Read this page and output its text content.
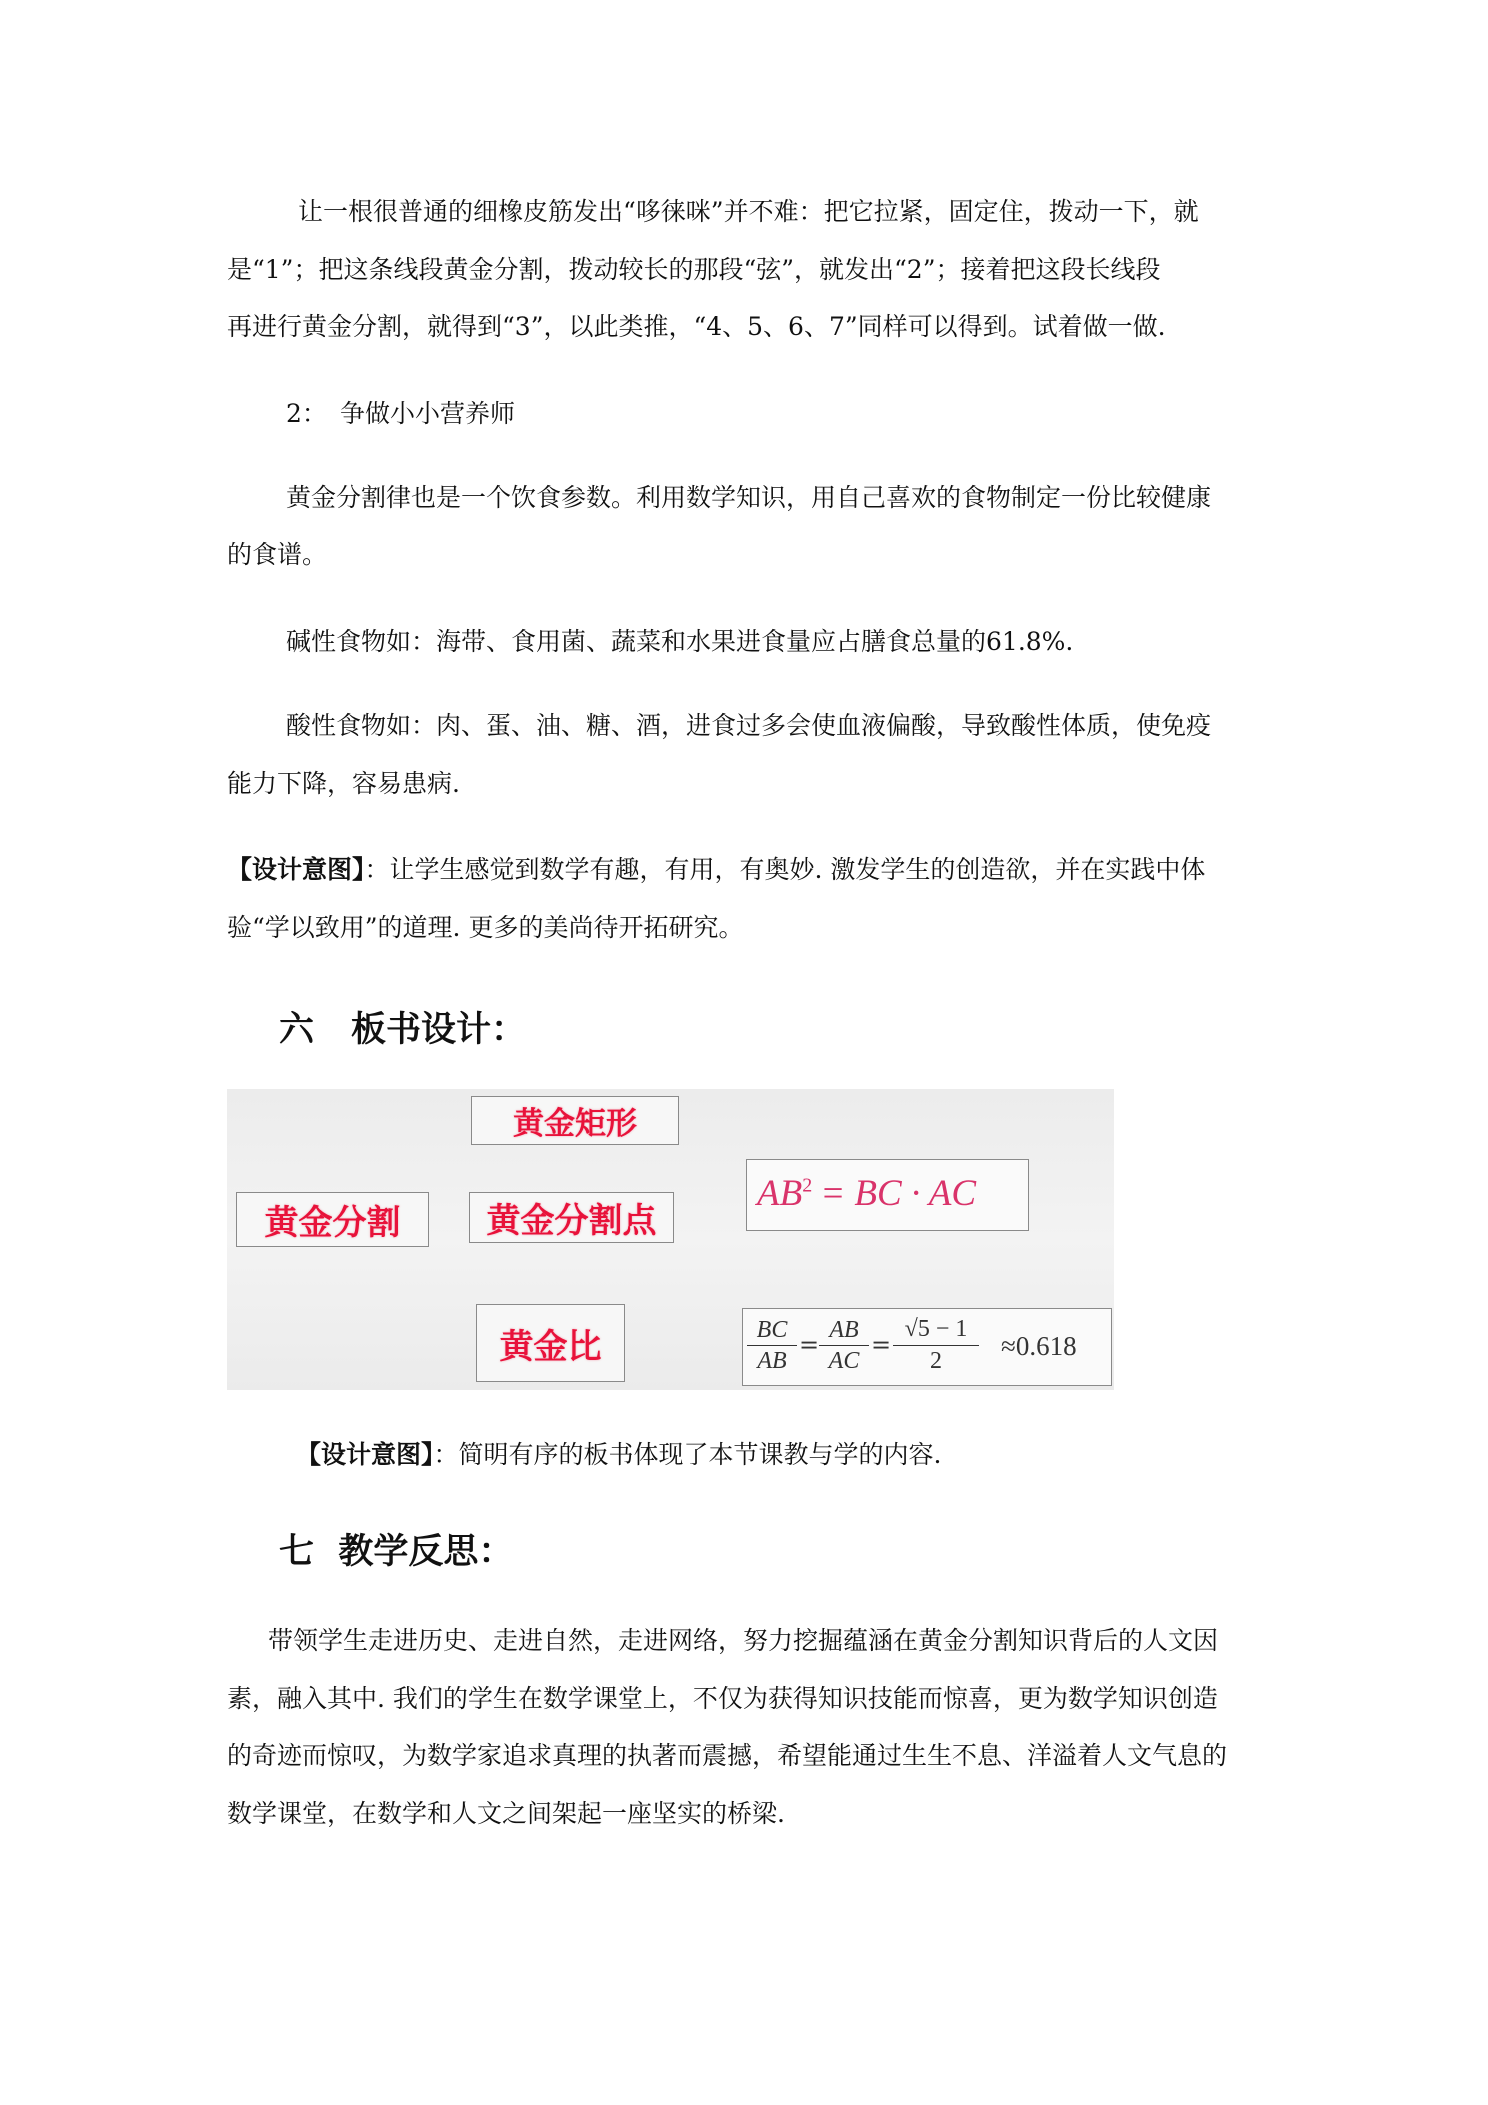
让一根很普通的细橡皮筋发出“哆徕咪”并不难：把它拉紧，固定住，拨动一下，就

是“1”；把这条线段黄金分割，拨动较长的那段“弦”，就发出“2”；接着把这段长线段

再进行黄金分割，就得到“3”，以此类推，“4、5、6、7”同样可以得到。试着做一做.

2： 争做小小营养师

黄金分割律也是一个饮食参数。利用数学知识，用自己喜欢的食物制定一份比较健康

的食谱。

碱性食物如：海带、食用菌、蔬菜和水果进食量应占膳食总量的61.8%.

酸性食物如：肉、蛋、油、糖、酒，进食过多会使血液偏酸，导致酸性体质，使免疫

能力下降，容易患病.

【设计意图】：让学生感觉到数学有趣，有用，有奥妙. 激发学生的创造欲，并在实践中体

验“学以致用”的道理. 更多的美尚待开拓研究。

六 板书设计：

黄金矩形
黄金分割	黄金分割点
黄金比
$AB^2$ = BC · AC
$\frac{BC}{AB} = \frac{AB}{AC} = \frac{√5 - 1}{2} \approx 0.618$

【设计意图】：简明有序的板书体现了本节课教与学的内容.

七  教学反思：

带领学生走进历史、走进自然，走进网络，努力挖掘蕴涵在黄金分割知识背后的人文因

素，融入其中. 我们的学生在数学课堂上，不仅为获得知识技能而惊喜，更为数学知识创造

的奇迹而惊叹，为数学家追求真理的执著而震撼，希望能通过生生不息、洋溢着人文气息的

数学课堂，在数学和人文之间架起一座坚实的桥梁.
